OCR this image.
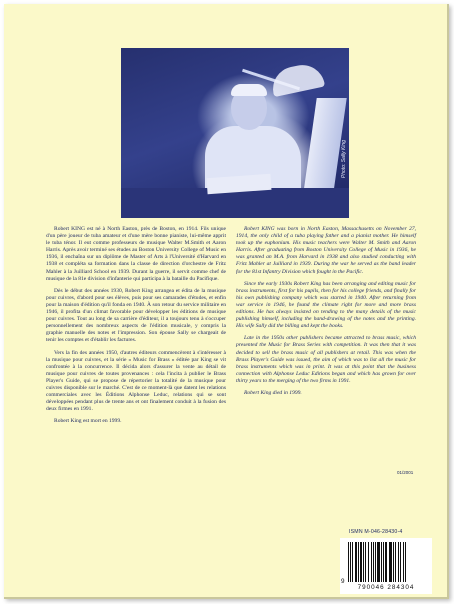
Photo: Sally King

Robert KING est né à North Easton, près de Boston, en 1914. Fils unique d'un père joueur de tuba amateur et d'une mère bonne pianiste, lui-même apprit le tuba ténor. Il eut comme professeurs de musique Walter M.Smith et Aaron Harris. Après avoir terminé ses études au Boston University College of Music en 1936, il enchaîna sur un diplôme de Master of Arts à l'Université d'Harvard en 1938 et compléta sa formation dans la classe de direction d'orchestre de Fritz Mahler à la Juilliard School en 1939. Durant la guerre, il servit comme chef de musique de la 81e division d'infanterie qui participa à la bataille du Pacifique.

Dès le début des années 1930, Robert King arrangea et édita de la musique pour cuivres, d'abord pour ses élèves, puis pour ses camarades d'études, et enfin pour la maison d'édition qu'il fonda en 1940. À son retour du service militaire en 1946, il profita d'un climat favorable pour développer les éditions de musique pour cuivres. Tout au long de sa carrière d'éditeur, il a toujours tenu à s'occuper personnellement des nombreux aspects de l'édition musicale, y compris la graphie manuelle des notes et l'impression. Son épouse Sally se chargeait de tenir les comptes et d'établir les factures.

Vers la fin des années 1950, d'autres éditeurs commencèrent à s'intéresser à la musique pour cuivres, et la série « Music for Brass » éditée par King se vit confrontée à la concurrence. Il décida alors d'assurer la vente au détail de musique pour cuivres de toutes provenances : cela l'incita à publier le Brass Player's Guide, qui se propose de répertorier la totalité de la musique pour cuivres disponible sur le marché. C'est de ce moment-là que datent les relations commerciales avec les Éditions Alphonse Leduc, relations qui se sont développées pendant plus de trente ans et ont finalement conduit à la fusion des deux firmes en 1991.

Robert King est mort en 1999.

Robert KING was born in North Easton, Massachusetts on November 27, 1914, the only child of a tuba playing father and a pianist mother. He himself took up the euphonium. His music teachers were Walter M. Smith and Aaron Harris. After graduating from Boston University College of Music in 1936, he was granted an M.A. from Harvard in 1938 and also studied conducting with Fritz Mahler at Juilliard in 1939. During the war he served as the band leader for the 81st Infantry Division which fought in the Pacific.

Since the early 1930s Robert King has been arranging and editing music for brass instruments, first for his pupils, then for his college friends, and finally for his own publishing company which was started in 1940. After returning from war service in 1946, he found the climate right for more and more brass editions. He has always insisted on tending to the many details of the music publishing himself, including the hand-drawing of the notes and the printing. His wife Sally did the billing and kept the books.

Late in the 1950s other publishers became attracted to brass music, which presented the Music for Brass Series with competition. It was then that it was decided to sell the brass music of all publishers at retail. This was when the Brass Player's Guide was issued, the aim of which was to list all the music for brass instruments which was in print. It was at this point that the business connection with Alphonse Leduc Editions began and which has grown for over thirty years to the merging of the two firms in 1991.

Robert King died in 1999.

01/2001
ISMN M-046-28430-4
9
790046 284304
